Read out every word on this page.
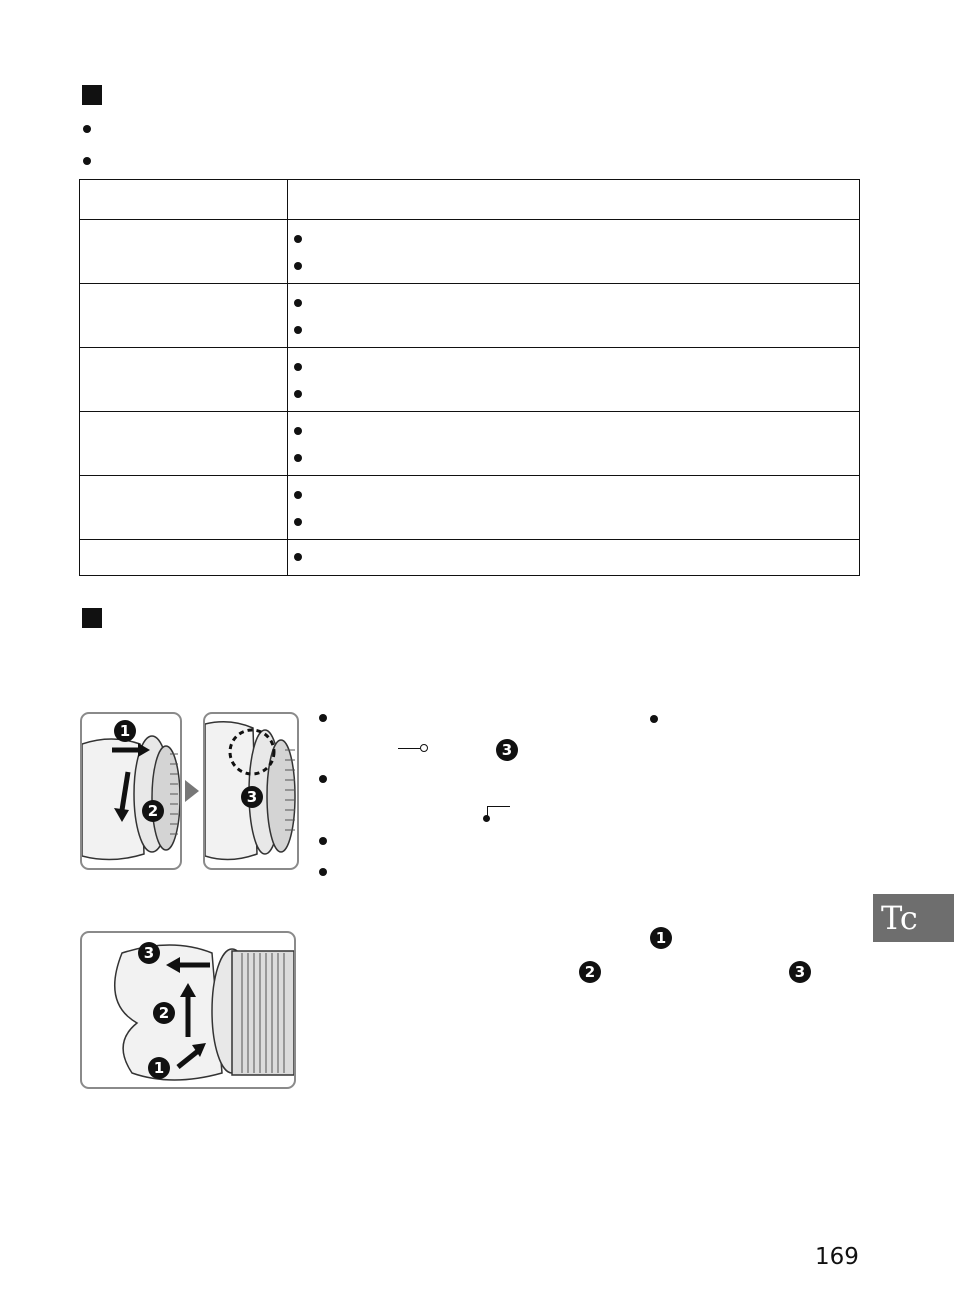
1
2
3
3
3
2
1
1
2	3
Tc
169
